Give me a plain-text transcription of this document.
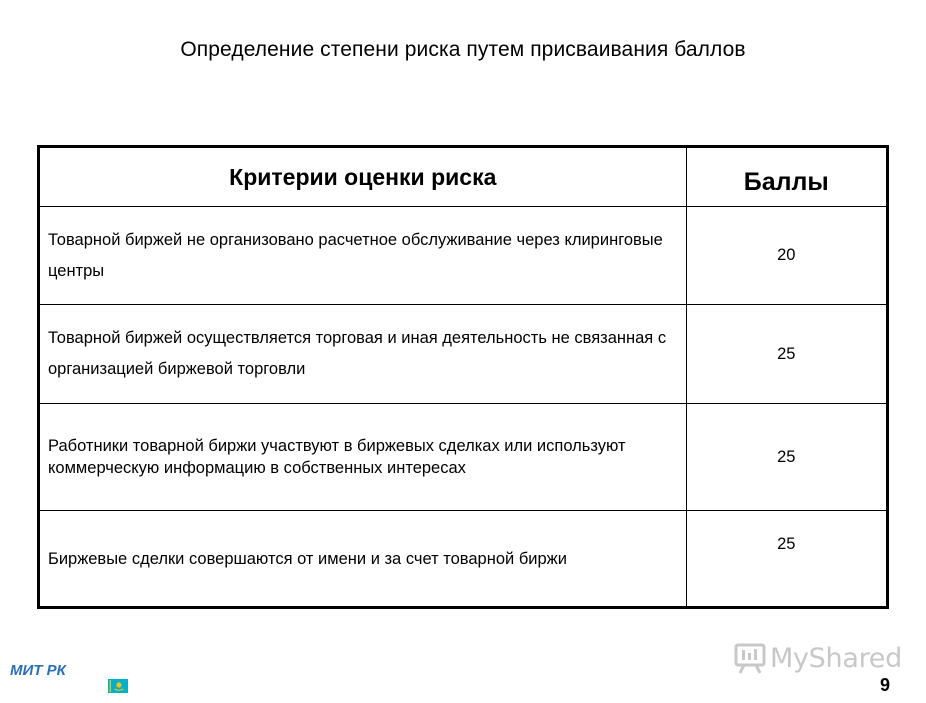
Определение степени риска путем присваивания баллов
Критерии оценки риска	Баллы
Товарной биржей не организовано расчетное обслуживание через клиринговые центры	20
Товарной биржей осуществляется торговая и иная деятельность не связанная с организацией биржевой торговли	25
Работники товарной биржи участвуют в биржевых сделках или используют коммерческую информацию в собственных интересах	25
Биржевые сделки совершаются от имени и за счет товарной биржи	25
МИТ РК	MyShared
9
